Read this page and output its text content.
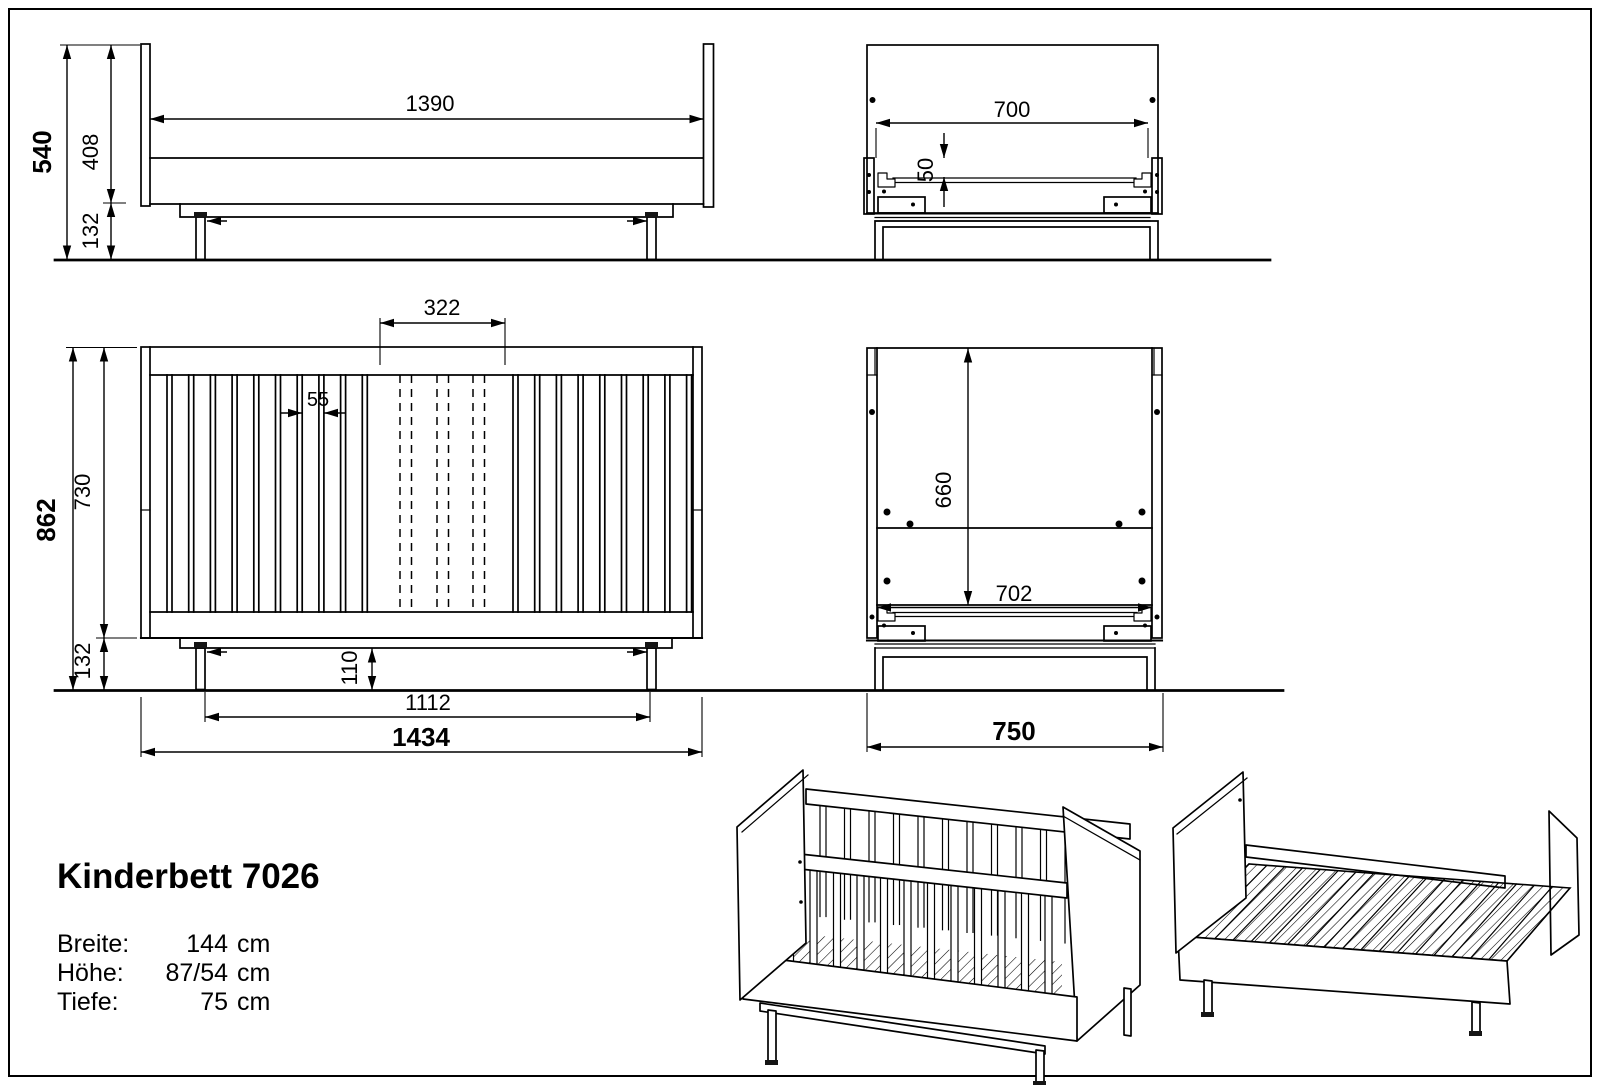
540 408
132
1390	700
50
862
730
132
322
55
110
1112
1434
660
702
750
Kinderbett 7026
Breite: 144 cm
Höhe: 87/54 cm
Tiefe:	75 cm
